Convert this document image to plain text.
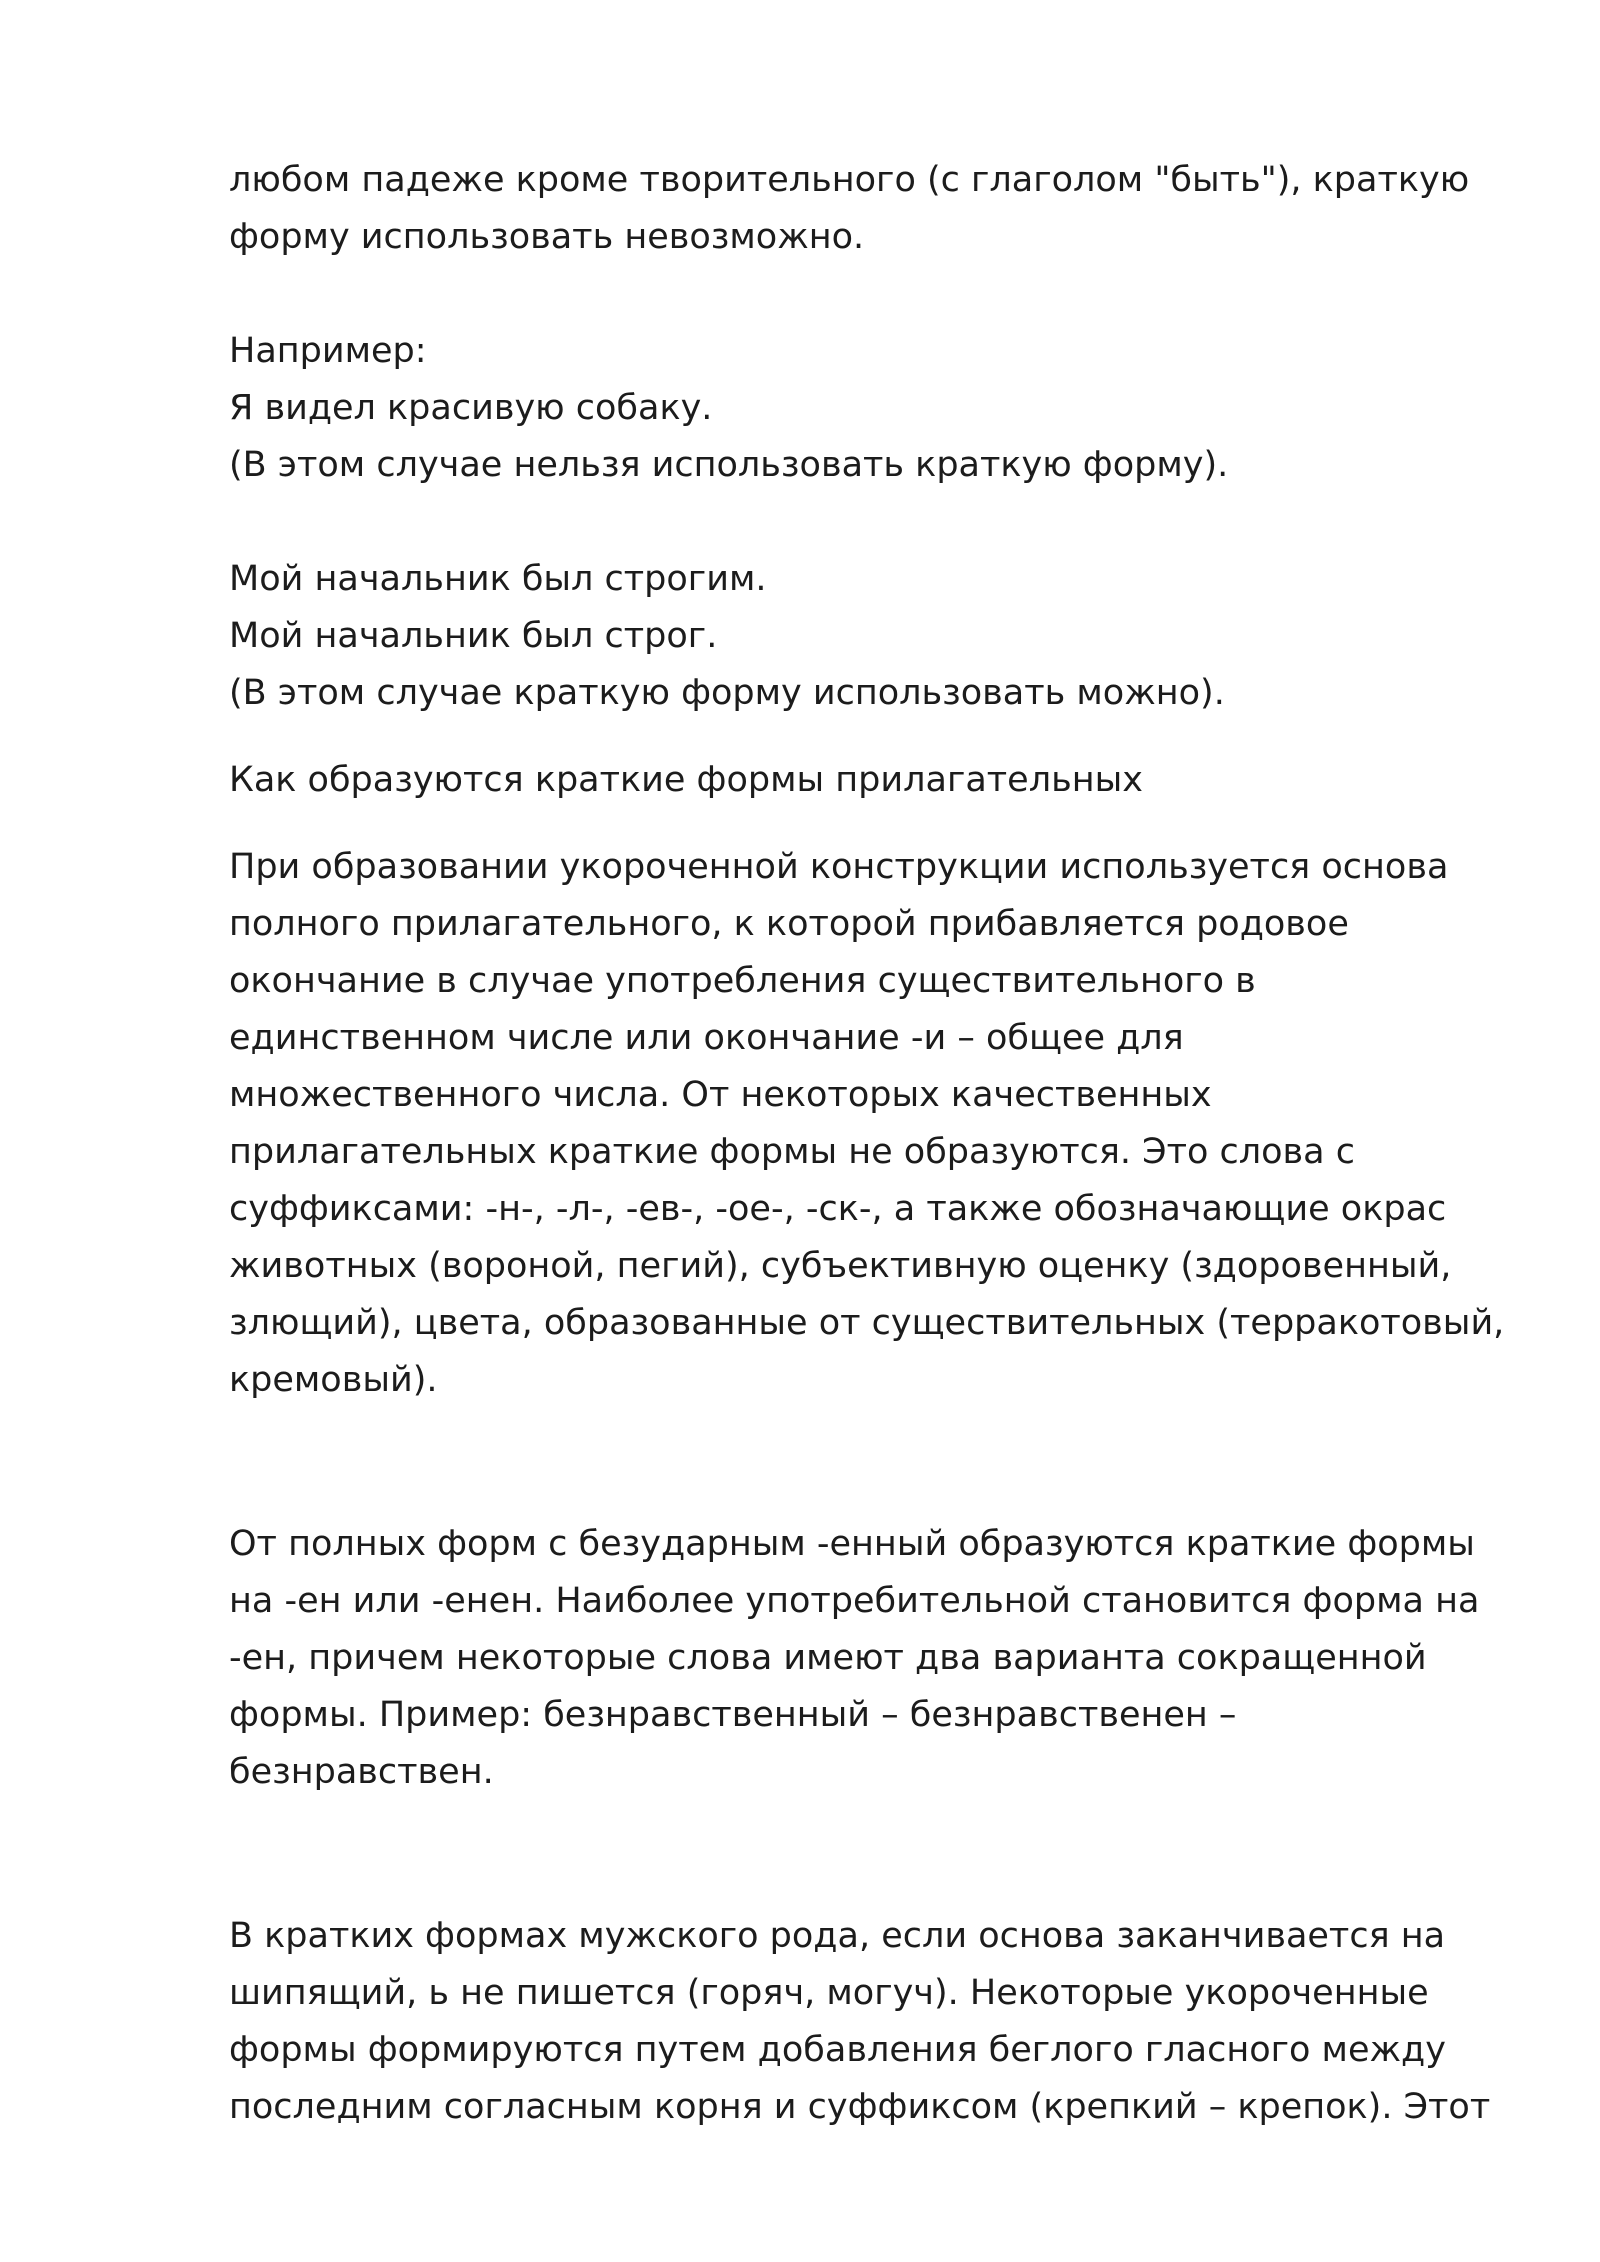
любом падеже кроме творительного (с глаголом "быть"), краткую
форму использовать невозможно.
Например:
Я видел красивую собаку.
(В этом случае нельзя использовать краткую форму).
Мой начальник был строгим.
Мой начальник был строг.
(В этом случае краткую форму использовать можно).
Как образуются краткие формы прилагательных
При образовании укороченной конструкции используется основа
полного прилагательного, к которой прибавляется родовое
окончание в случае употребления существительного в
единственном числе или окончание -и – общее для
множественного числа. От некоторых качественных
прилагательных краткие формы не образуются. Это слова с
суффиксами: -н-, -л-, -ев-, -ое-, -ск-, а также обозначающие окрас
животных (вороной, пегий), субъективную оценку (здоровенный,
злющий), цвета, образованные от существительных (терракотовый,
кремовый).
От полных форм с безударным -енный образуются краткие формы
на -ен или -енен. Наиболее употребительной становится форма на
-ен, причем некоторые слова имеют два варианта сокращенной
формы. Пример: безнравственный – безнравственен –
безнравствен.
В кратких формах мужского рода, если основа заканчивается на
шипящий, ь не пишется (горяч, могуч). Некоторые укороченные
формы формируются путем добавления беглого гласного между
последним согласным корня и суффиксом (крепкий – крепок). Этот
